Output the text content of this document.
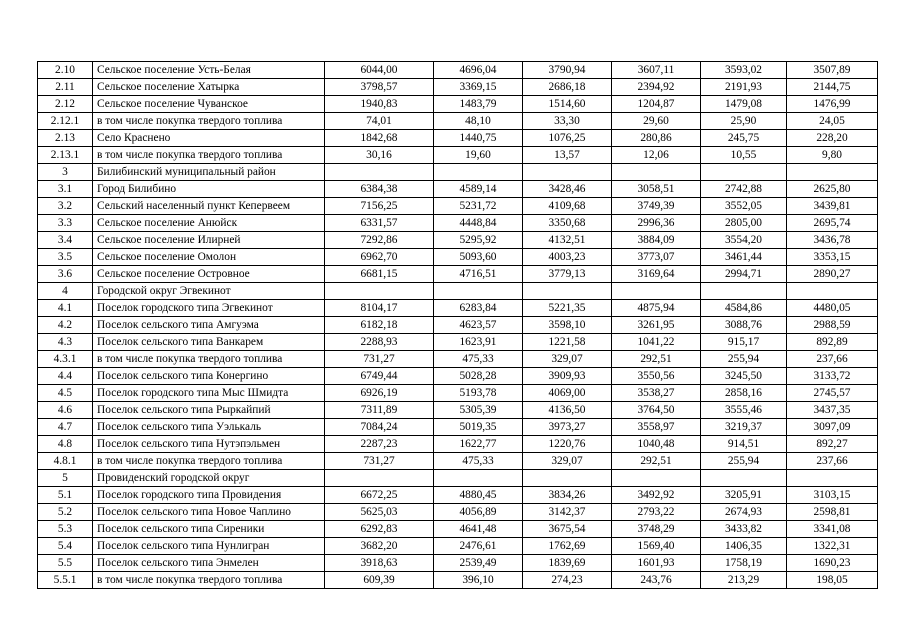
2.10	Сельское поселение Усть-Белая	6044,00	4696,04	3790,94	3607,11	3593,02	3507,89
2.11	Сельское поселение Хатырка	3798,57	3369,15	2686,18	2394,92	2191,93	2144,75
2.12	Сельское поселение Чуванское	1940,83	1483,79	1514,60	1204,87	1479,08	1476,99
2.12.1	в том числе покупка твердого топлива	74,01	48,10	33,30	29,60	25,90	24,05
2.13	Село Краснено	1842,68	1440,75	1076,25	280,86	245,75	228,20
2.13.1	в том числе покупка твердого топлива	30,16	19,60	13,57	12,06	10,55	9,80
3	Билибинский муниципальный район						
3.1	Город Билибино	6384,38	4589,14	3428,46	3058,51	2742,88	2625,80
3.2	Сельский населенный пункт Кепервеем	7156,25	5231,72	4109,68	3749,39	3552,05	3439,81
3.3	Сельское поселение Анюйск	6331,57	4448,84	3350,68	2996,36	2805,00	2695,74
3.4	Сельское поселение Илирней	7292,86	5295,92	4132,51	3884,09	3554,20	3436,78
3.5	Сельское поселение Омолон	6962,70	5093,60	4003,23	3773,07	3461,44	3353,15
3.6	Сельское поселение Островное	6681,15	4716,51	3779,13	3169,64	2994,71	2890,27
4	Городской округ Эгвекинот						
4.1	Поселок городского типа Эгвекинот	8104,17	6283,84	5221,35	4875,94	4584,86	4480,05
4.2	Поселок сельского типа Амгуэма	6182,18	4623,57	3598,10	3261,95	3088,76	2988,59
4.3	Поселок сельского типа Ванкарем	2288,93	1623,91	1221,58	1041,22	915,17	892,89
4.3.1	в том числе покупка твердого топлива	731,27	475,33	329,07	292,51	255,94	237,66
4.4	Поселок сельского типа Конергино	6749,44	5028,28	3909,93	3550,56	3245,50	3133,72
4.5	Поселок городского типа Мыс Шмидта	6926,19	5193,78	4069,00	3538,27	2858,16	2745,57
4.6	Поселок сельского типа Рыркайпий	7311,89	5305,39	4136,50	3764,50	3555,46	3437,35
4.7	Поселок сельского типа Уэлькаль	7084,24	5019,35	3973,27	3558,97	3219,37	3097,09
4.8	Поселок сельского типа Нутэпэльмен	2287,23	1622,77	1220,76	1040,48	914,51	892,27
4.8.1	в том числе покупка твердого топлива	731,27	475,33	329,07	292,51	255,94	237,66
5	Провиденский городской округ						
5.1	Поселок городского типа Провидения	6672,25	4880,45	3834,26	3492,92	3205,91	3103,15
5.2	Поселок сельского типа Новое Чаплино	5625,03	4056,89	3142,37	2793,22	2674,93	2598,81
5.3	Поселок сельского типа Сиреники	6292,83	4641,48	3675,54	3748,29	3433,82	3341,08
5.4	Поселок сельского типа Нунлигран	3682,20	2476,61	1762,69	1569,40	1406,35	1322,31
5.5	Поселок сельского типа Энмелен	3918,63	2539,49	1839,69	1601,93	1758,19	1690,23
5.5.1	в том числе покупка твердого топлива	609,39	396,10	274,23	243,76	213,29	198,05
